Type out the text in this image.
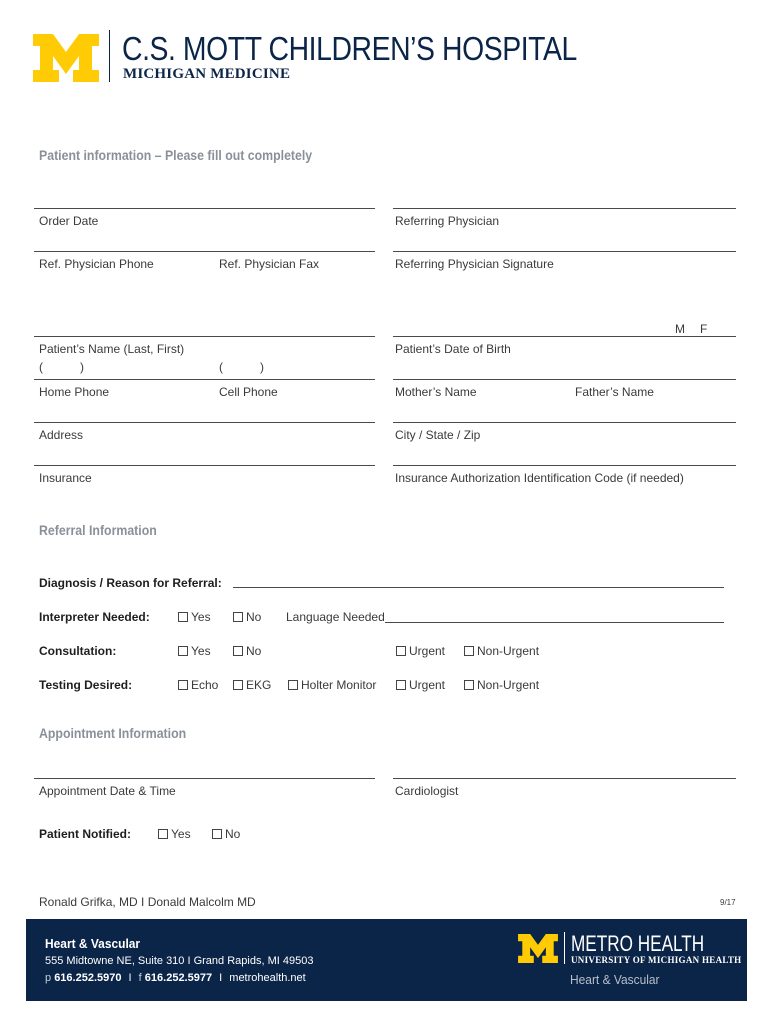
C.S. MOTT CHILDREN’S HOSPITAL
MICHIGAN MEDICINE
Patient information – Please fill out completely
Order Date	Referring Physician
Ref. Physician Phone	Ref. Physician Fax	Referring Physician Signature
M F
Patient’s Name (Last, First)	Patient’s Date of Birth
(	)	(	)
Home Phone	Cell Phone	Mother’s Name	Father’s Name
Address	City / State / Zip
Insurance	Insurance Authorization Identification Code (if needed)
Referral Information
Diagnosis / Reason for Referral:
Interpreter Needed:	Yes	No Language Needed
Consultation:	Yes	No	Urgent	Non-Urgent
Testing Desired:	Echo EKG Holter Monitor	Urgent	Non-Urgent
Appointment Information
Appointment Date & Time	Cardiologist
Patient Notified:	Yes	No
Ronald Grifka, MD I Donald Malcolm MD	9/17
Heart & Vascular
555 Midtowne NE, Suite 310 I Grand Rapids, MI 49503
p 616.252.5970 I f 616.252.5977 I metrohealth.net
METRO HEALTH
UNIVERSITY OF MICHIGAN HEALTH
Heart & Vascular
